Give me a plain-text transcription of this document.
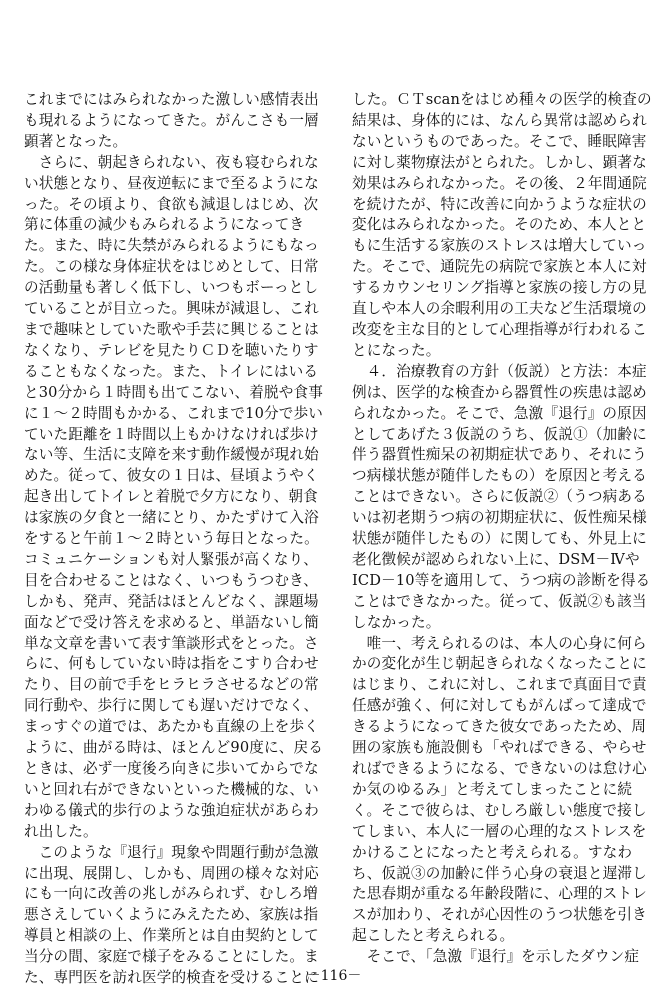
これまでにはみられなかった激しい感情表出も現れるようになってきた。がんこさも一層顕著となった。

さらに、朝起きられない、夜も寝むられない状態となり、昼夜逆転にまで至るようになった。その頃より、食欲も減退しはじめ、次第に体重の減少もみられるようになってきた。また、時に失禁がみられるようにもなった。この様な身体症状をはじめとして、日常の活動量も著しく低下し、いつもボーっとしていることが目立った。興味が減退し、これまで趣味としていた歌や手芸に興じることはなくなり、テレビを見たりＣＤを聴いたりすることもなくなった。また、トイレにはいると30分から１時間も出てこない、着脱や食事に１～２時間もかかる、これまで10分で歩いていた距離を１時間以上もかけなければ歩けない等、生活に支障を来す動作緩慢が現れ始めた。従って、彼女の１日は、昼頃ようやく起き出してトイレと着脱で夕方になり、朝食は家族の夕食と一緒にとり、かたずけて入浴をすると午前１～２時という毎日となった。コミュニケーションも対人緊張が高くなり、目を合わせることはなく、いつもうつむき、しかも、発声、発話はほとんどなく、課題場面などで受け答えを求めると、単語ないし簡単な文章を書いて表す筆談形式をとった。さらに、何もしていない時は指をこすり合わせたり、目の前で手をヒラヒラさせるなどの常同行動や、歩行に関しても遅いだけでなく、まっすぐの道では、あたかも直線の上を歩くように、曲がる時は、ほとんど90度に、戻るときは、必ず一度後ろ向きに歩いてからでないと回れ右ができないといった機械的な、いわゆる儀式的歩行のような強迫症状があらわれ出した。

このような『退行』現象や問題行動が急激に出現、展開し、しかも、周囲の様々な対応にも一向に改善の兆しがみられず、むしろ増悪さえしていくようにみえたため、家族は指導員と相談の上、作業所とは自由契約として当分の間、家庭で様子をみることにした。また、専門医を訪れ医学的検査を受けることに

した。ＣＴscanをはじめ種々の医学的検査の結果は、身体的には、なんら異常は認められないというものであった。そこで、睡眠障害に対し薬物療法がとられた。しかし、顕著な効果はみられなかった。その後、２年間通院を続けたが、特に改善に向かうような症状の変化はみられなかった。そのため、本人とともに生活する家族のストレスは増大していった。そこで、通院先の病院で家族と本人に対するカウンセリング指導と家族の接し方の見直しや本人の余暇利用の工夫など生活環境の改変を主な目的として心理指導が行われることになった。

４．治療教育の方針（仮説）と方法：本症例は、医学的な検査から器質性の疾患は認められなかった。そこで、急激『退行』の原因としてあげた３仮説のうち、仮説①（加齢に伴う器質性痴呆の初期症状であり、それにうつ病様状態が随伴したもの）を原因と考えることはできない。さらに仮説②（うつ病あるいは初老期うつ病の初期症状に、仮性痴呆様状態が随伴したもの）に関しても、外見上に老化徴候が認められない上に、DSM－ⅣやICD－10等を適用して、うつ病の診断を得ることはできなかった。従って、仮説②も該当しなかった。

唯一、考えられるのは、本人の心身に何らかの変化が生じ朝起きられなくなったことにはじまり、これに対し、これまで真面目で責任感が強く、何に対してもがんばって達成できるようになってきた彼女であったため、周囲の家族も施設側も「やればできる、やらせればできるようになる、できないのは怠け心か気のゆるみ」と考えてしまったことに続く。そこで彼らは、むしろ厳しい態度で接してしまい、本人に一層の心理的なストレスをかけることになったと考えられる。すなわち、仮説③の加齢に伴う心身の衰退と遅滞した思春期が重なる年齢段階に、心理的ストレスが加わり、それが心因性のうつ状態を引き起こしたと考えられる。

そこで、「急激『退行』を示したダウン症

－116－
